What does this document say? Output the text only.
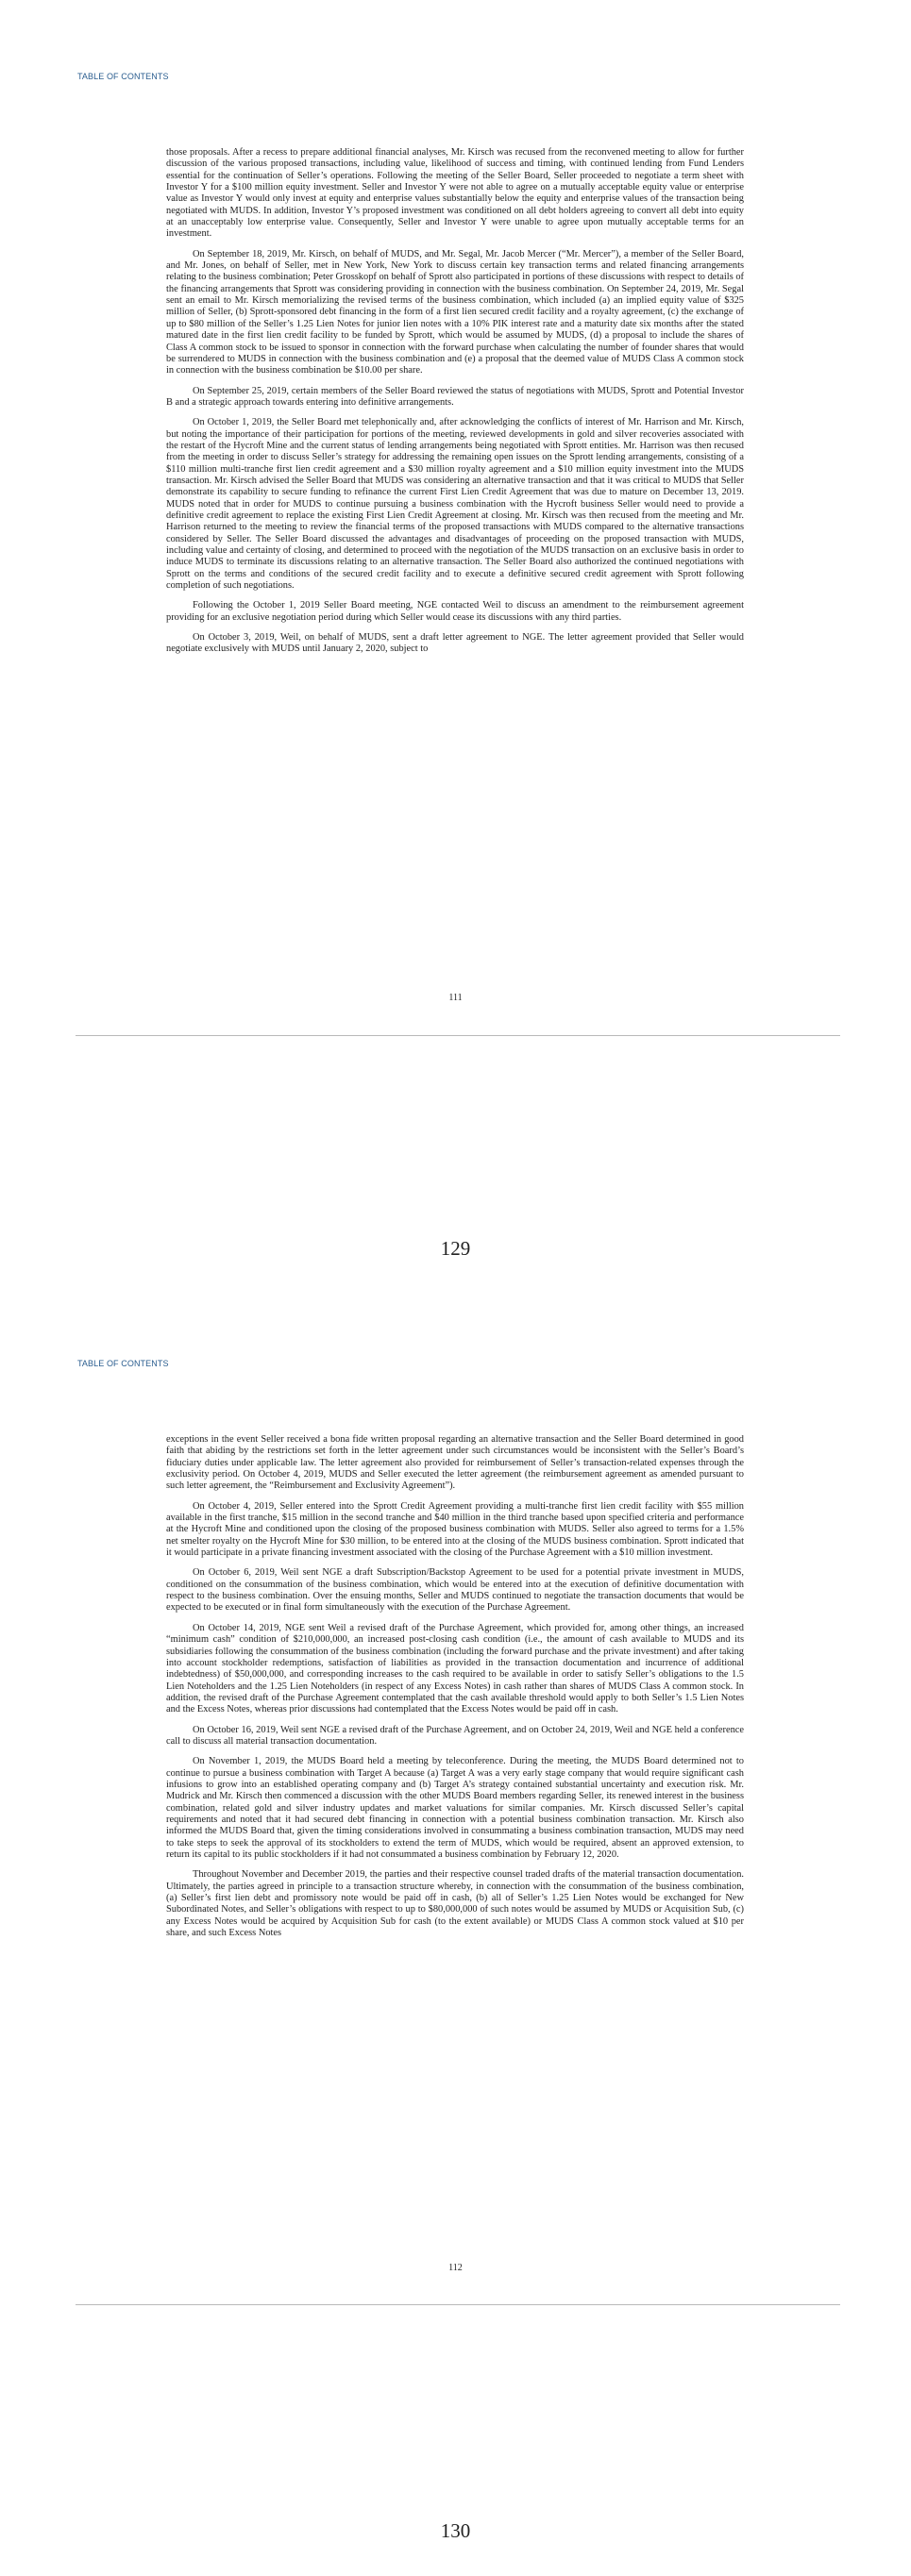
TABLE OF CONTENTS

those proposals. After a recess to prepare additional financial analyses, Mr. Kirsch was recused from the reconvened meeting to allow for further discussion of the various proposed transactions, including value, likelihood of success and timing, with continued lending from Fund Lenders essential for the continuation of Seller’s operations. Following the meeting of the Seller Board, Seller proceeded to negotiate a term sheet with Investor Y for a $100 million equity investment. Seller and Investor Y were not able to agree on a mutually acceptable equity value or enterprise value as Investor Y would only invest at equity and enterprise values substantially below the equity and enterprise values of the transaction being negotiated with MUDS. In addition, Investor Y’s proposed investment was conditioned on all debt holders agreeing to convert all debt into equity at an unacceptably low enterprise value. Consequently, Seller and Investor Y were unable to agree upon mutually acceptable terms for an investment.

On September 18, 2019, Mr. Kirsch, on behalf of MUDS, and Mr. Segal, Mr. Jacob Mercer (“Mr. Mercer”), a member of the Seller Board, and Mr. Jones, on behalf of Seller, met in New York, New York to discuss certain key transaction terms and related financing arrangements relating to the business combination; Peter Grosskopf on behalf of Sprott also participated in portions of these discussions with respect to details of the financing arrangements that Sprott was considering providing in connection with the business combination. On September 24, 2019, Mr. Segal sent an email to Mr. Kirsch memorializing the revised terms of the business combination, which included (a) an implied equity value of $325 million of Seller, (b) Sprott-sponsored debt financing in the form of a first lien secured credit facility and a royalty agreement, (c) the exchange of up to $80 million of the Seller’s 1.25 Lien Notes for junior lien notes with a 10% PIK interest rate and a maturity date six months after the stated matured date in the first lien credit facility to be funded by Sprott, which would be assumed by MUDS, (d) a proposal to include the shares of Class A common stock to be issued to sponsor in connection with the forward purchase when calculating the number of founder shares that would be surrendered to MUDS in connection with the business combination and (e) a proposal that the deemed value of MUDS Class A common stock in connection with the business combination be $10.00 per share.

On September 25, 2019, certain members of the Seller Board reviewed the status of negotiations with MUDS, Sprott and Potential Investor B and a strategic approach towards entering into definitive arrangements.

On October 1, 2019, the Seller Board met telephonically and, after acknowledging the conflicts of interest of Mr. Harrison and Mr. Kirsch, but noting the importance of their participation for portions of the meeting, reviewed developments in gold and silver recoveries associated with the restart of the Hycroft Mine and the current status of lending arrangements being negotiated with Sprott entities. Mr. Harrison was then recused from the meeting in order to discuss Seller’s strategy for addressing the remaining open issues on the Sprott lending arrangements, consisting of a $110 million multi-tranche first lien credit agreement and a $30 million royalty agreement and a $10 million equity investment into the MUDS transaction. Mr. Kirsch advised the Seller Board that MUDS was considering an alternative transaction and that it was critical to MUDS that Seller demonstrate its capability to secure funding to refinance the current First Lien Credit Agreement that was due to mature on December 13, 2019. MUDS noted that in order for MUDS to continue pursuing a business combination with the Hycroft business Seller would need to provide a definitive credit agreement to replace the existing First Lien Credit Agreement at closing. Mr. Kirsch was then recused from the meeting and Mr. Harrison returned to the meeting to review the financial terms of the proposed transactions with MUDS compared to the alternative transactions considered by Seller. The Seller Board discussed the advantages and disadvantages of proceeding on the proposed transaction with MUDS, including value and certainty of closing, and determined to proceed with the negotiation of the MUDS transaction on an exclusive basis in order to induce MUDS to terminate its discussions relating to an alternative transaction. The Seller Board also authorized the continued negotiations with Sprott on the terms and conditions of the secured credit facility and to execute a definitive secured credit agreement with Sprott following completion of such negotiations.

Following the October 1, 2019 Seller Board meeting, NGE contacted Weil to discuss an amendment to the reimbursement agreement providing for an exclusive negotiation period during which Seller would cease its discussions with any third parties.

On October 3, 2019, Weil, on behalf of MUDS, sent a draft letter agreement to NGE. The letter agreement provided that Seller would negotiate exclusively with MUDS until January 2, 2020, subject to

111
129
TABLE OF CONTENTS

exceptions in the event Seller received a bona fide written proposal regarding an alternative transaction and the Seller Board determined in good faith that abiding by the restrictions set forth in the letter agreement under such circumstances would be inconsistent with the Seller’s Board’s fiduciary duties under applicable law. The letter agreement also provided for reimbursement of Seller’s transaction-related expenses through the exclusivity period. On October 4, 2019, MUDS and Seller executed the letter agreement (the reimbursement agreement as amended pursuant to such letter agreement, the “Reimbursement and Exclusivity Agreement”).

On October 4, 2019, Seller entered into the Sprott Credit Agreement providing a multi-tranche first lien credit facility with $55 million available in the first tranche, $15 million in the second tranche and $40 million in the third tranche based upon specified criteria and performance at the Hycroft Mine and conditioned upon the closing of the proposed business combination with MUDS. Seller also agreed to terms for a 1.5% net smelter royalty on the Hycroft Mine for $30 million, to be entered into at the closing of the MUDS business combination. Sprott indicated that it would participate in a private financing investment associated with the closing of the Purchase Agreement with a $10 million investment.

On October 6, 2019, Weil sent NGE a draft Subscription/Backstop Agreement to be used for a potential private investment in MUDS, conditioned on the consummation of the business combination, which would be entered into at the execution of definitive documentation with respect to the business combination. Over the ensuing months, Seller and MUDS continued to negotiate the transaction documents that would be expected to be executed or in final form simultaneously with the execution of the Purchase Agreement.

On October 14, 2019, NGE sent Weil a revised draft of the Purchase Agreement, which provided for, among other things, an increased “minimum cash” condition of $210,000,000, an increased post-closing cash condition (i.e., the amount of cash available to MUDS and its subsidiaries following the consummation of the business combination (including the forward purchase and the private investment) and after taking into account stockholder redemptions, satisfaction of liabilities as provided in the transaction documentation and incurrence of additional indebtedness) of $50,000,000, and corresponding increases to the cash required to be available in order to satisfy Seller’s obligations to the 1.5 Lien Noteholders and the 1.25 Lien Noteholders (in respect of any Excess Notes) in cash rather than shares of MUDS Class A common stock. In addition, the revised draft of the Purchase Agreement contemplated that the cash available threshold would apply to both Seller’s 1.5 Lien Notes and the Excess Notes, whereas prior discussions had contemplated that the Excess Notes would be paid off in cash.

On October 16, 2019, Weil sent NGE a revised draft of the Purchase Agreement, and on October 24, 2019, Weil and NGE held a conference call to discuss all material transaction documentation.

On November 1, 2019, the MUDS Board held a meeting by teleconference. During the meeting, the MUDS Board determined not to continue to pursue a business combination with Target A because (a) Target A was a very early stage company that would require significant cash infusions to grow into an established operating company and (b) Target A’s strategy contained substantial uncertainty and execution risk. Mr. Mudrick and Mr. Kirsch then commenced a discussion with the other MUDS Board members regarding Seller, its renewed interest in the business combination, related gold and silver industry updates and market valuations for similar companies. Mr. Kirsch discussed Seller’s capital requirements and noted that it had secured debt financing in connection with a potential business combination transaction. Mr. Kirsch also informed the MUDS Board that, given the timing considerations involved in consummating a business combination transaction, MUDS may need to take steps to seek the approval of its stockholders to extend the term of MUDS, which would be required, absent an approved extension, to return its capital to its public stockholders if it had not consummated a business combination by February 12, 2020.

Throughout November and December 2019, the parties and their respective counsel traded drafts of the material transaction documentation. Ultimately, the parties agreed in principle to a transaction structure whereby, in connection with the consummation of the business combination, (a) Seller’s first lien debt and promissory note would be paid off in cash, (b) all of Seller’s 1.25 Lien Notes would be exchanged for New Subordinated Notes, and Seller’s obligations with respect to up to $80,000,000 of such notes would be assumed by MUDS or Acquisition Sub, (c) any Excess Notes would be acquired by Acquisition Sub for cash (to the extent available) or MUDS Class A common stock valued at $10 per share, and such Excess Notes

112
130
